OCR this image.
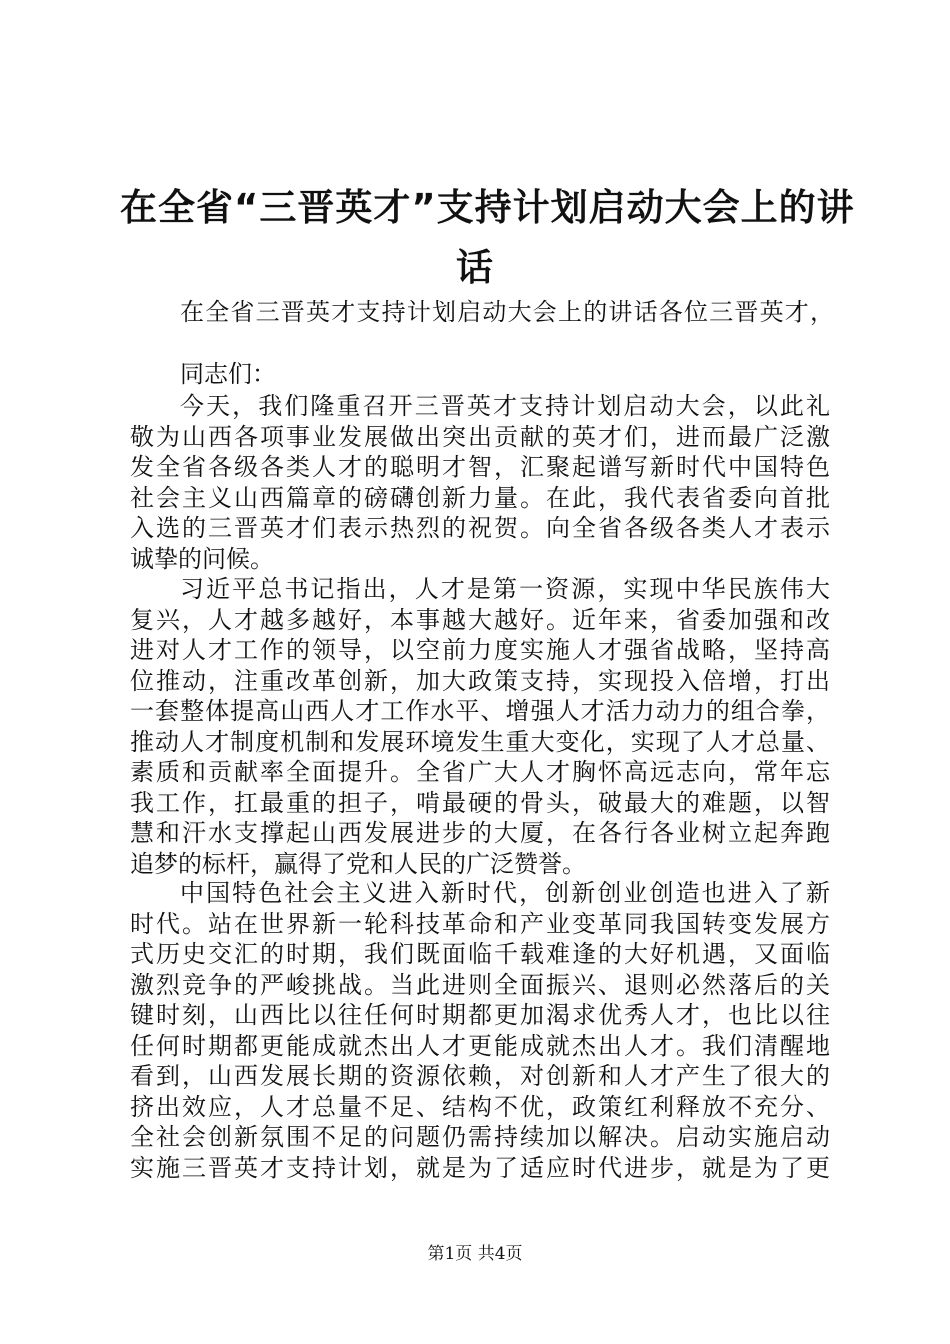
在全省“三晋英才”支持计划启动大会上的讲
话
在全省三晋英才支持计划启动大会上的讲话各位三晋英才，
同志们：
今天，我们隆重召开三晋英才支持计划启动大会，以此礼
敬为山西各项事业发展做出突出贡献的英才们，进而最广泛激
发全省各级各类人才的聪明才智，汇聚起谱写新时代中国特色
社会主义山西篇章的磅礴创新力量。在此，我代表省委向首批
入选的三晋英才们表示热烈的祝贺。向全省各级各类人才表示
诚挚的问候。
习近平总书记指出，人才是第一资源，实现中华民族伟大
复兴，人才越多越好，本事越大越好。近年来，省委加强和改
进对人才工作的领导，以空前力度实施人才强省战略，坚持高
位推动，注重改革创新，加大政策支持，实现投入倍增，打出
一套整体提高山西人才工作水平、增强人才活力动力的组合拳，
推动人才制度机制和发展环境发生重大变化，实现了人才总量、
素质和贡献率全面提升。全省广大人才胸怀高远志向，常年忘
我工作，扛最重的担子，啃最硬的骨头，破最大的难题，以智
慧和汗水支撑起山西发展进步的大厦，在各行各业树立起奔跑
追梦的标杆，赢得了党和人民的广泛赞誉。
中国特色社会主义进入新时代，创新创业创造也进入了新
时代。站在世界新一轮科技革命和产业变革同我国转变发展方
式历史交汇的时期，我们既面临千载难逢的大好机遇，又面临
激烈竞争的严峻挑战。当此进则全面振兴、退则必然落后的关
键时刻，山西比以往任何时期都更加渴求优秀人才，也比以往
任何时期都更能成就杰出人才更能成就杰出人才。我们清醒地
看到，山西发展长期的资源依赖，对创新和人才产生了很大的
挤出效应，人才总量不足、结构不优，政策红利释放不充分、
全社会创新氛围不足的问题仍需持续加以解决。启动实施启动
实施三晋英才支持计划，就是为了适应时代进步，就是为了更
第1页 共4页
